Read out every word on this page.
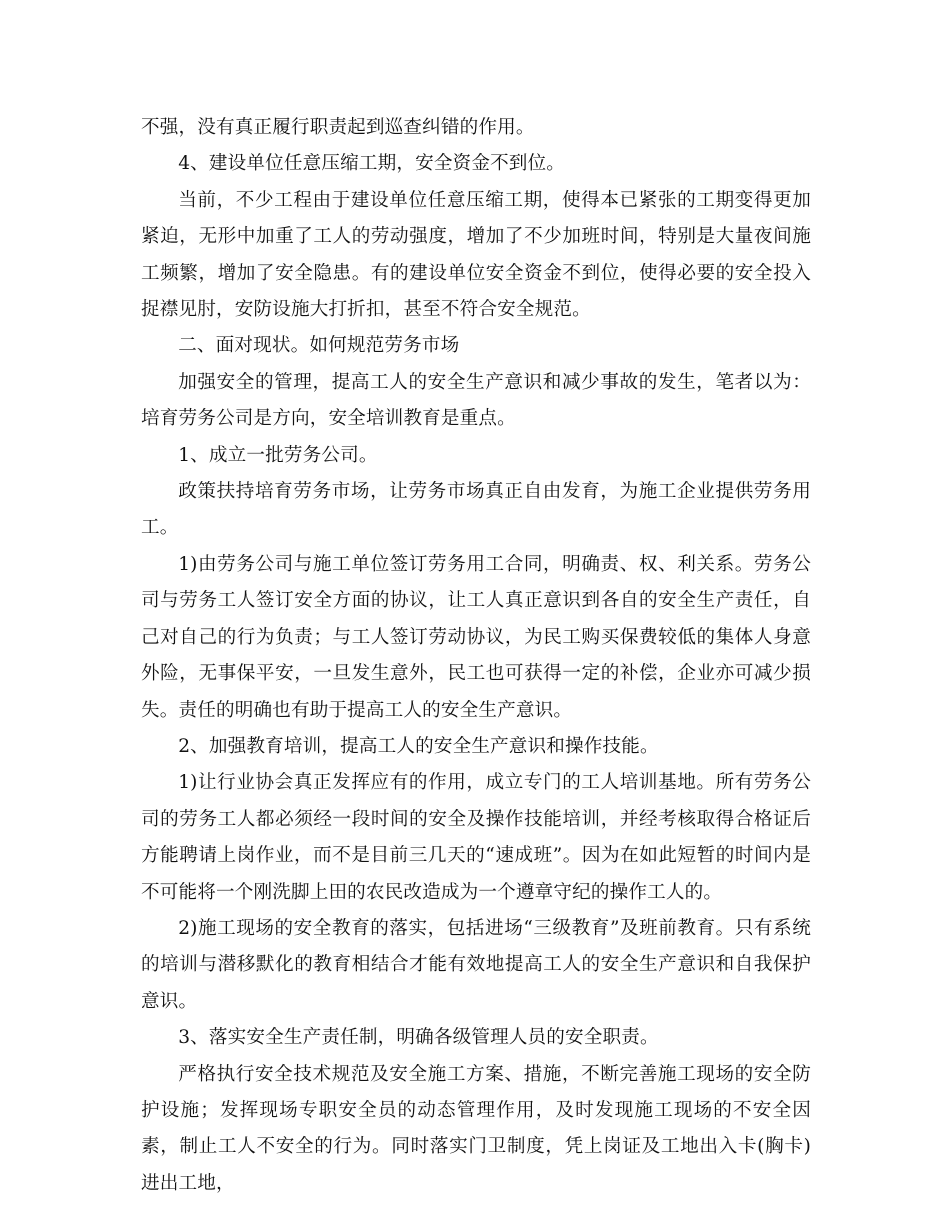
不强，没有真正履行职责起到巡查纠错的作用。

4、建设单位任意压缩工期，安全资金不到位。

当前，不少工程由于建设单位任意压缩工期，使得本已紧张的工期变得更加紧迫，无形中加重了工人的劳动强度，增加了不少加班时间，特别是大量夜间施工频繁，增加了安全隐患。有的建设单位安全资金不到位，使得必要的安全投入捉襟见肘，安防设施大打折扣，甚至不符合安全规范。

二、面对现状。如何规范劳务市场

加强安全的管理，提高工人的安全生产意识和减少事故的发生，笔者以为：培育劳务公司是方向，安全培训教育是重点。

1、成立一批劳务公司。

政策扶持培育劳务市场，让劳务市场真正自由发育，为施工企业提供劳务用工。

1)由劳务公司与施工单位签订劳务用工合同，明确责、权、利关系。劳务公司与劳务工人签订安全方面的协议，让工人真正意识到各自的安全生产责任，自己对自己的行为负责；与工人签订劳动协议，为民工购买保费较低的集体人身意外险，无事保平安，一旦发生意外，民工也可获得一定的补偿，企业亦可减少损失。责任的明确也有助于提高工人的安全生产意识。

2、加强教育培训，提高工人的安全生产意识和操作技能。

1)让行业协会真正发挥应有的作用，成立专门的工人培训基地。所有劳务公司的劳务工人都必须经一段时间的安全及操作技能培训，并经考核取得合格证后方能聘请上岗作业，而不是目前三几天的“速成班”。因为在如此短暂的时间内是不可能将一个刚洗脚上田的农民改造成为一个遵章守纪的操作工人的。

2)施工现场的安全教育的落实，包括进场“三级教育”及班前教育。只有系统的培训与潜移默化的教育相结合才能有效地提高工人的安全生产意识和自我保护意识。

3、落实安全生产责任制，明确各级管理人员的安全职责。

严格执行安全技术规范及安全施工方案、措施，不断完善施工现场的安全防护设施；发挥现场专职安全员的动态管理作用，及时发现施工现场的不安全因素，制止工人不安全的行为。同时落实门卫制度，凭上岗证及工地出入卡(胸卡)进出工地，
